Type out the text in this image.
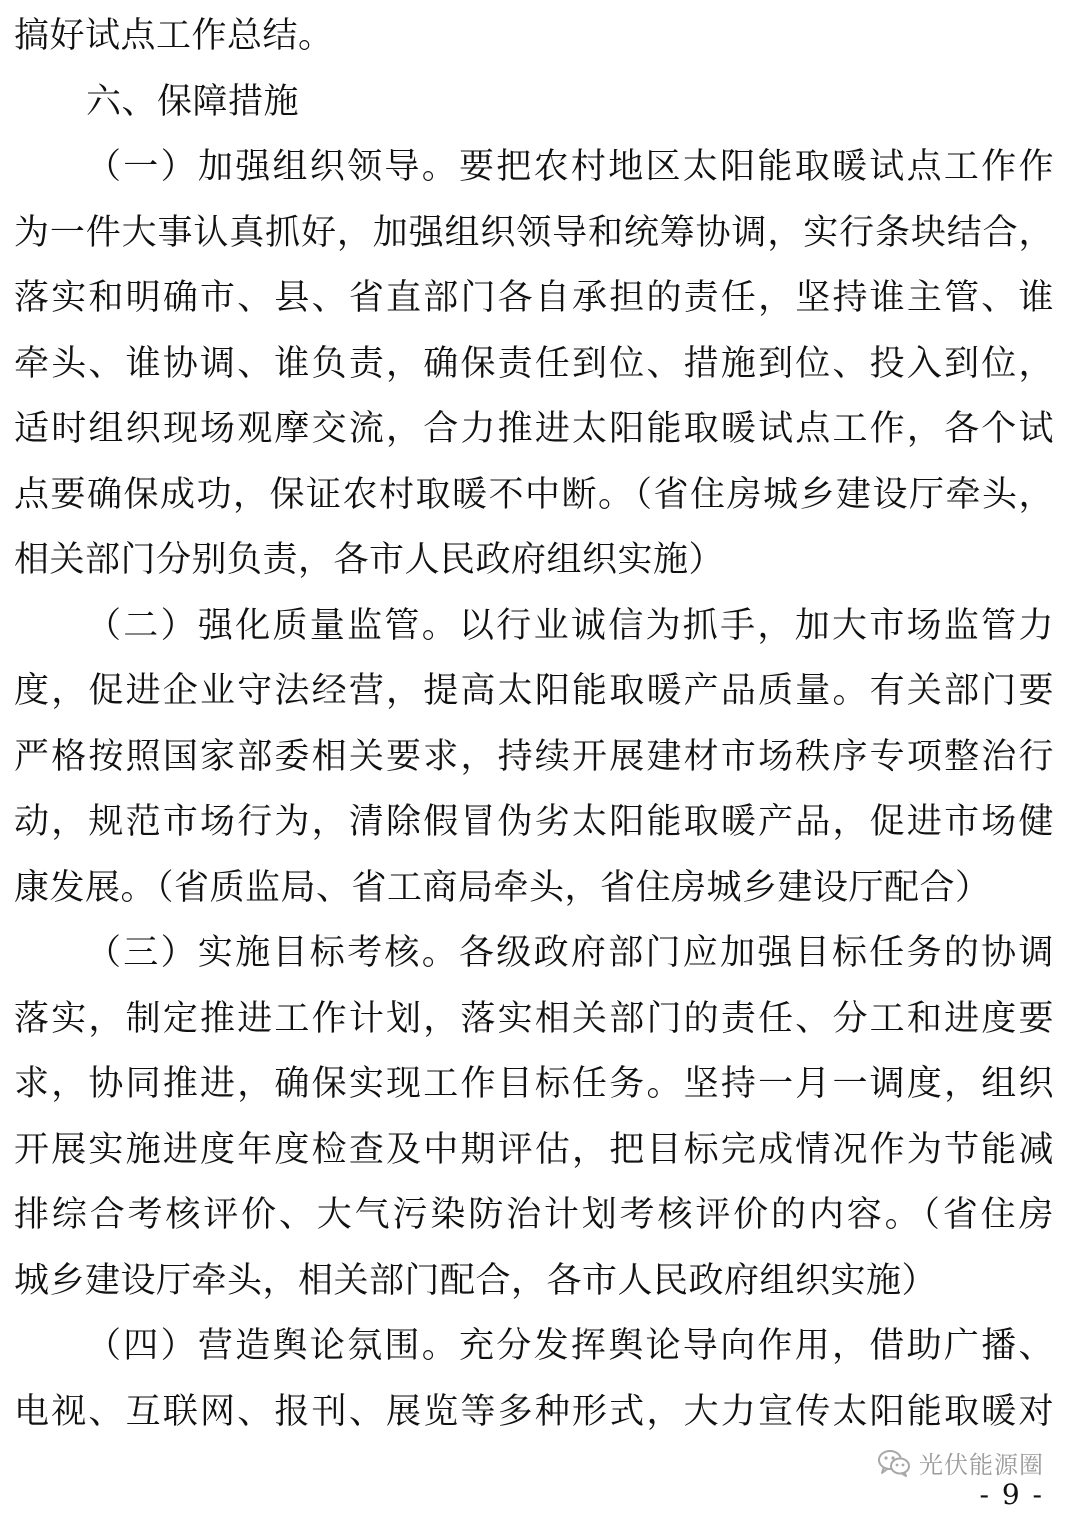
搞好试点工作总结。
六、保障措施
（一）加强组织领导。要把农村地区太阳能取暖试点工作作
为一件大事认真抓好，加强组织领导和统筹协调，实行条块结合，
落实和明确市、县、省直部门各自承担的责任，坚持谁主管、谁
牵头、谁协调、谁负责，确保责任到位、措施到位、投入到位，
适时组织现场观摩交流，合力推进太阳能取暖试点工作，各个试
点要确保成功，保证农村取暖不中断。（省住房城乡建设厅牵头，
相关部门分别负责，各市人民政府组织实施）
（二）强化质量监管。以行业诚信为抓手，加大市场监管力
度，促进企业守法经营，提高太阳能取暖产品质量。有关部门要
严格按照国家部委相关要求，持续开展建材市场秩序专项整治行
动，规范市场行为，清除假冒伪劣太阳能取暖产品，促进市场健
康发展。（省质监局、省工商局牵头，省住房城乡建设厅配合）
（三）实施目标考核。各级政府部门应加强目标任务的协调
落实，制定推进工作计划，落实相关部门的责任、分工和进度要
求，协同推进，确保实现工作目标任务。坚持一月一调度，组织
开展实施进度年度检查及中期评估，把目标完成情况作为节能减
排综合考核评价、大气污染防治计划考核评价的内容。（省住房
城乡建设厅牵头，相关部门配合，各市人民政府组织实施）
（四）营造舆论氛围。充分发挥舆论导向作用，借助广播、
电视、互联网、报刊、展览等多种形式，大力宣传太阳能取暖对
光伏能源圈
- 9 -
